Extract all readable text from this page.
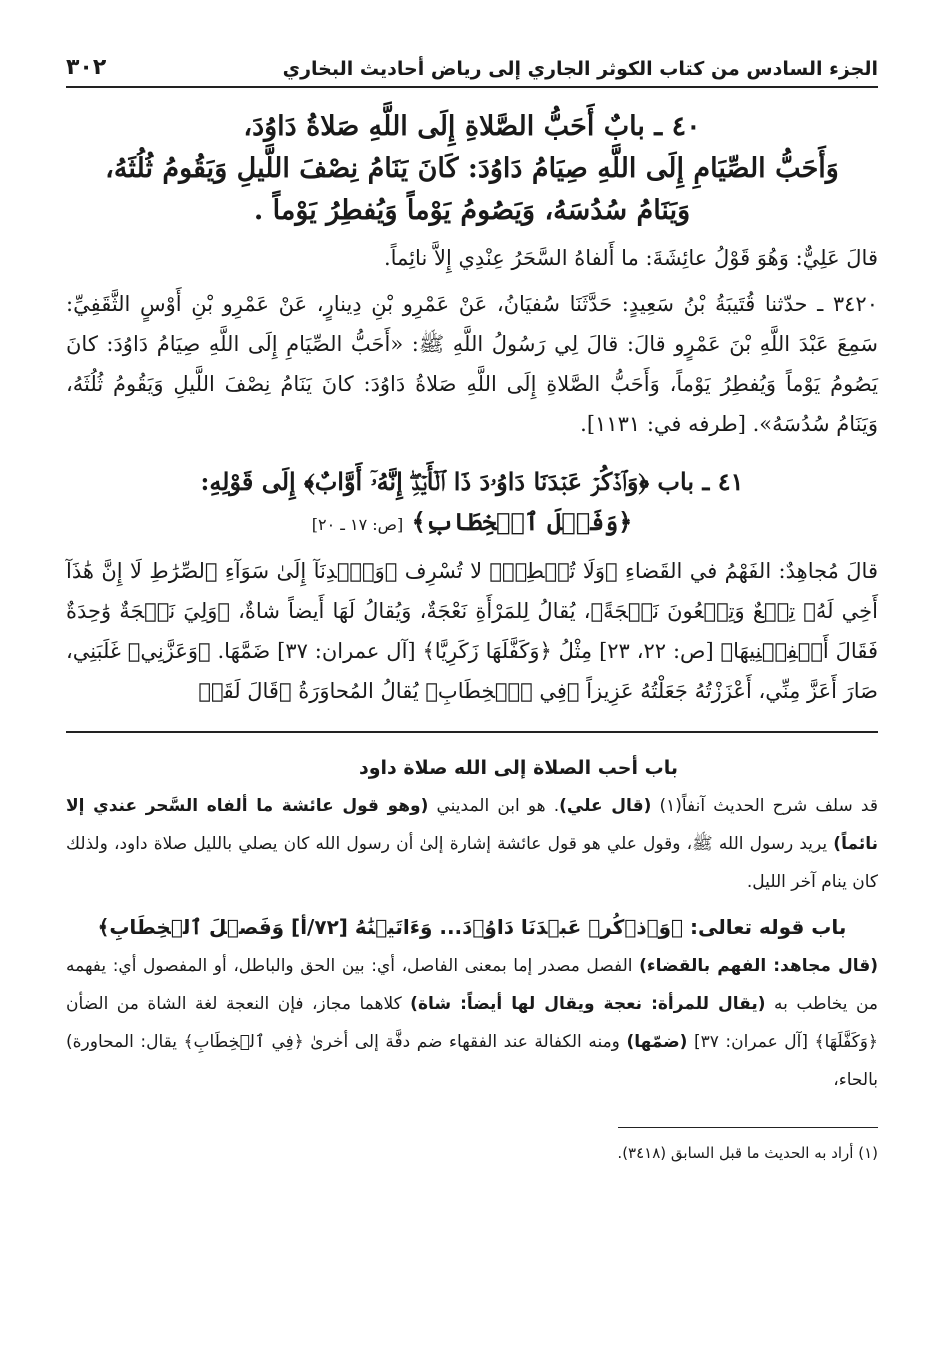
الجزء السادس من كتاب الكوثر الجاري إلى رياض أحاديث البخاري
٣٠٢
٤٠ ـ بابٌ أَحَبُّ الصَّلاةِ إِلَى اللَّهِ صَلاةُ دَاوُدَ،
وَأَحَبُّ الصِّيَامِ إِلَى اللَّهِ صِيَامُ دَاوُدَ: كَانَ يَنَامُ نِصْفَ اللَّيلِ وَيَقُومُ ثُلُثَهُ،
وَيَنَامُ سُدُسَهُ، وَيَصُومُ يَوْماً وَيُفطِرُ يَوْماً .
قالَ عَلِيٌّ: وَهُوَ قَوْلُ عائِشَةَ: ما أَلفاهُ السَّحَرُ عِنْدِي إِلاَّ نائِماً.
٣٤٢٠ ـ حدّثنا قُتَيبَةُ بْنُ سَعِيدٍ: حَدَّثَنَا سُفيَانُ، عَنْ عَمْرِو بْنِ دِينارٍ، عَنْ عَمْرِو بْنِ أَوْسٍ الثَّقَفِيِّ: سَمِعَ عَبْدَ اللَّهِ بْنَ عَمْرٍو قالَ: قالَ لِي رَسُولُ اللَّهِ ﷺ: «أَحَبُّ الصِّيَامِ إِلَى اللَّهِ صِيَامُ دَاوُدَ: كانَ يَصُومُ يَوْماً وَيُفطِرُ يَوْماً، وَأَحَبُّ الصَّلاةِ إِلَى اللَّهِ صَلاةُ دَاوُدَ: كانَ يَنَامُ نِصْفَ اللَّيلِ وَيَقُومُ ثُلُثَهُ، وَيَنَامُ سُدُسَهُ». [طرفه في: ١١٣١].
٤١ ـ باب ﴿وَٱذۡكُرۡ عَبۡدَنَا دَاوُۥدَ ذَا ٱلۡأَيۡدِۖ إِنَّهُۥٓ أَوَّابٌ﴾ إِلَى قَوْلِهِ:
﴿وَفَصۡلَ ٱلۡخِطَابِ﴾ [ص: ١٧ ـ ٢٠]
قالَ مُجاهِدٌ: الفَهْمُ في القَضاءِ ﴿وَلَا تُشۡطِطۡ﴾ لا تُسْرِف ﴿وَٱهۡدِنَآ إِلَىٰ سَوَآءِ ٱلصِّرَٰطِ لَا إِنَّ هَٰذَآ أَخِي لَهُۥ تِسۡعٌ وَتِسۡعُونَ نَعۡجَةً﴾، يُقالُ لِلمَرْأَةِ نَعْجَةٌ، وَيُقالُ لَهَا أَيضاً شاةٌ، ﴿وَلِيَ نَعۡجَةٌ وَٰحِدَةٌ فَقَالَ أَكۡفِلۡنِيهَا﴾ [ص: ٢٢، ٢٣] مِثْلُ ﴿وَكَفَّلَهَا زَكَرِيَّا﴾ [آل عمران: ٣٧] ضَمَّهَا. ﴿وَعَزَّنِي﴾ غَلَبَنِي، صَارَ أَعَزَّ مِنِّي، أَعْزَزْتُهُ جَعَلْتُهُ عَزِيزاً ﴿فِي ٱلۡخِطَابِ﴾ يُقالُ المُحاوَرَةُ ﴿قَالَ لَقَدۡ
باب أحب الصلاة إلى الله صلاة داود
قد سلف شرح الحديث آنفاً(١) (قال علي). هو ابن المديني (وهو قول عائشة ما ألفاه السَّحر عندي إلا نائماً) يريد رسول الله ﷺ، وقول علي هو قول عائشة إشارة إلىٰ أن رسول الله كان يصلي بالليل صلاة داود، ولذلك كان ينام آخر الليل.
باب قوله تعالى: ﴿وَٱذۡكُرۡ عَبۡدَنَا دَاوُۥدَ... وَءَاتَيۡنَٰهُ [٧٢/أ] وَفَصۡلَ ٱلۡخِطَابِ﴾
(قال مجاهد: الفهم بالقضاء) الفصل مصدر إما بمعنى الفاصل، أي: بين الحق والباطل، أو المفصول أي: يفهمه من يخاطب به (يقال للمرأة: نعجة ويقال لها أيضاً: شاة) كلاهما مجاز، فإن النعجة لغة الشاة من الضأن ﴿وَكَفَّلَهَا﴾ [آل عمران: ٣٧] (ضمّها) ومنه الكفالة عند الفقهاء ضم دفَّة إلى أخرىٰ ﴿فِي ٱلۡخِطَابِ﴾ يقال: المحاورة) بالحاء،
(١) أراد به الحديث ما قبل السابق (٣٤١٨).
